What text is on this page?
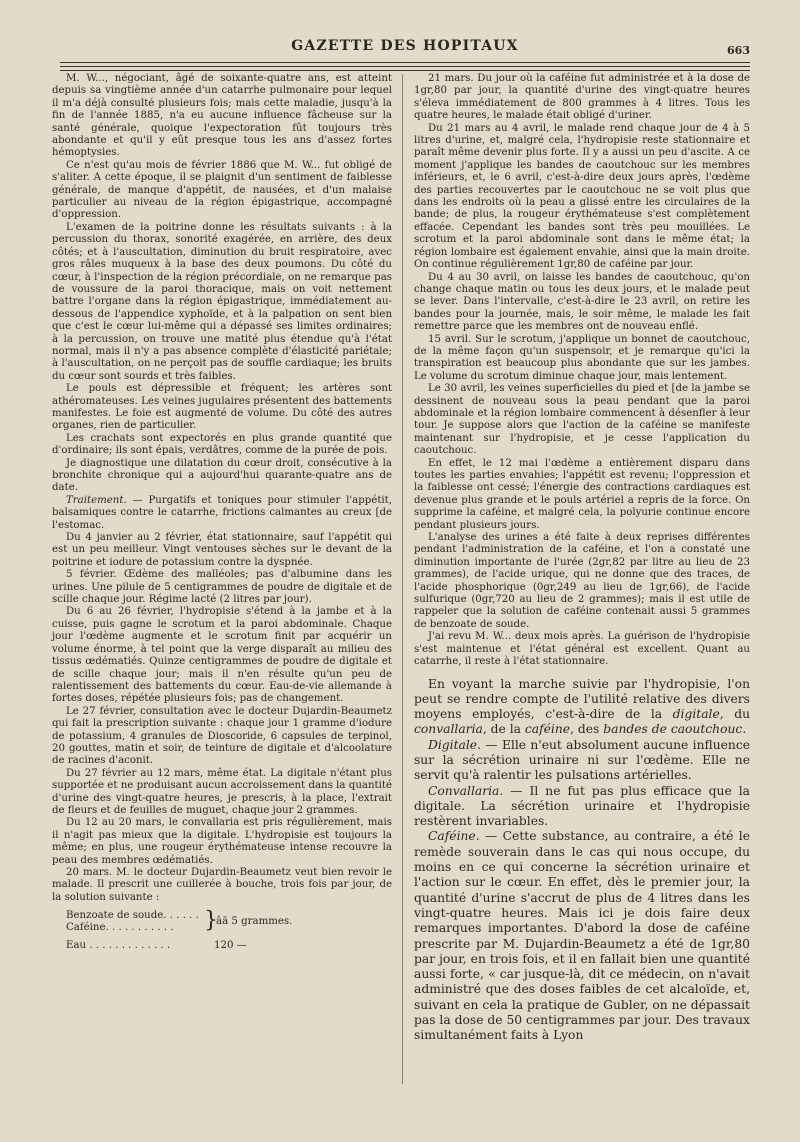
GAZETTE DES HOPITAUX	663

M. W..., négociant, âgé de soixante-quatre ans, est atteint depuis sa vingtième année d'un catarrhe pulmonaire pour lequel il m'a déjà consulté plusieurs fois; mais cette maladie, jusqu'à la fin de l'année 1885, n'a eu aucune influence fâcheuse sur la santé générale, quoique l'expectoration fût toujours très abondante et qu'il y eût presque tous les ans d'assez fortes hémoptysies.

Ce n'est qu'au mois de février 1886 que M. W... fut obligé de s'aliter. A cette époque, il se plaignit d'un sentiment de faiblesse générale, de manque d'appétit, de nausées, et d'un malaise particulier au niveau de la région épigastrique, accompagné d'oppression.

L'examen de la poitrine donne les résultats suivants : à la percussion du thorax, sonorité exagérée, en arrière, des deux côtés; et à l'auscultation, diminution du bruit respiratoire, avec gros râles muqueux à la base des deux poumons. Du côté du cœur, à l'inspection de la région précordiale, on ne remarque pas de voussure de la paroi thoracique, mais on voit nettement battre l'organe dans la région épigastrique, immédiatement au-dessous de l'appendice xyphoïde, et à la palpation on sent bien que c'est le cœur lui-même qui a dépassé ses limites ordinaires; à la percussion, on trouve une matité plus étendue qu'à l'état normal, mais il n'y a pas absence complète d'élasticité pariétale; à l'auscultation, on ne perçoit pas de souffle cardiaque; les bruits du cœur sont sourds et très faibles.

Le pouls est dépressible et fréquent; les artères sont athéromateuses. Les veines jugulaires présentent des battements manifestes. Le foie est augmenté de volume. Du côté des autres organes, rien de particulier.

Les crachats sont expectorés en plus grande quantité que d'ordinaire; ils sont épais, verdâtres, comme de la purée de pois.

Je diagnostique une dilatation du cœur droit, consécutive à la bronchite chronique qui a aujourd'hui quarante-quatre ans de date.

Traitement. — Purgatifs et toniques pour stimuler l'appétit, balsamiques contre le catarrhe, frictions calmantes au creux [de l'estomac.

Du 4 janvier au 2 février, état stationnaire, sauf l'appétit qui est un peu meilleur. Vingt ventouses sèches sur le devant de la poitrine et iodure de potassium contre la dyspnée.

5 février. Œdème des malléoles; pas d'albumine dans les urines. Une pilule de 5 centigrammes de poudre de digitale et de scille chaque jour. Régime lacté (2 litres par jour).

Du 6 au 26 février, l'hydropisie s'étend à la jambe et à la cuisse, puis gagne le scrotum et la paroi abdominale. Chaque jour l'œdème augmente et le scrotum finit par acquérir un volume énorme, à tel point que la verge disparaît au milieu des tissus œdématiés. Quinze centigrammes de poudre de digitale et de scille chaque jour; mais il n'en résulte qu'un peu de ralentissement des battements du cœur. Eau-de-vie allemande à fortes doses, répétée plusieurs fois; pas de changement.

Le 27 février, consultation avec le docteur Dujardin-Beaumetz qui fait la prescription suivante : chaque jour 1 gramme d'iodure de potassium, 4 granules de Dioscoride, 6 capsules de terpinol, 20 gouttes, matin et soir, de teinture de digitale et d'alcoolature de racines d'aconit.

Du 27 février au 12 mars, même état. La digitale n'étant plus supportée et ne produisant aucun accroissement dans la quantité d'urine des vingt-quatre heures, je prescris, à la place, l'extrait de fleurs et de feuilles de muguet, chaque jour 2 grammes.

Du 12 au 20 mars, le convallaria est pris régulièrement, mais il n'agit pas mieux que la digitale. L'hydropisie est toujours la même; en plus, une rougeur érythémateuse intense recouvre la peau des membres œdématiés.

20 mars. M. le docteur Dujardin-Beaumetz veut bien revoir le malade. Il prescrit une cuillerée à bouche, trois fois par jour, de la solution suivante :

Benzoate de soude. . . . . .
Caféine. . . . . . . . . . . }
âā 5 grammes.
Eau . . . . . . . . . . . . .	120 —

21 mars. Du jour où la caféine fut administrée et à la dose de 1gr,80 par jour, la quantité d'urine des vingt-quatre heures s'éleva immédiatement de 800 grammes à 4 litres. Tous les quatre heures, le malade était obligé d'uriner.

Du 21 mars au 4 avril, le malade rend chaque jour de 4 à 5 litres d'urine, et, malgré cela, l'hydropisie reste stationnaire et paraît même devenir plus forte. Il y a aussi un peu d'ascite. A ce moment j'applique les bandes de caoutchouc sur les membres inférieurs, et, le 6 avril, c'est-à-dire deux jours après, l'œdème des parties recouvertes par le caoutchouc ne se voit plus que dans les endroits où la peau a glissé entre les circulaires de la bande; de plus, la rougeur érythémateuse s'est complètement effacée. Cependant les bandes sont très peu mouillées. Le scrotum et la paroi abdominale sont dans le même état; la région lombaire est également envahie, ainsi que la main droite. On continue régulièrement 1gr,80 de caféine par jour.

Du 4 au 30 avril, on laisse les bandes de caoutchouc, qu'on change chaque matin ou tous les deux jours, et le malade peut se lever. Dans l'intervalle, c'est-à-dire le 23 avril, on retire les bandes pour la journée, mais, le soir même, le malade les fait remettre parce que les membres ont de nouveau enflé.

15 avril. Sur le scrotum, j'applique un bonnet de caoutchouc, de la même façon qu'un suspensoir, et je remarque qu'ici la transpiration est beaucoup plus abondante que sur les jambes. Le volume du scrotum diminue chaque jour, mais lentement.

Le 30 avril, les veines superficielles du pied et [de la jambe se dessinent de nouveau sous la peau pendant que la paroi abdominale et la région lombaire commencent à désenfler à leur tour. Je suppose alors que l'action de la caféine se manifeste maintenant sur l'hydropisie, et je cesse l'application du caoutchouc.

En effet, le 12 mai l'œdème a entièrement disparu dans toutes les parties envahies; l'appétit est revenu; l'oppression et la faiblesse ont cessé; l'énergie des contractions cardiaques est devenue plus grande et le pouls artériel a repris de la force. On supprime la caféine, et malgré cela, la polyurie continue encore pendant plusieurs jours.

L'analyse des urines a été faite à deux reprises différentes pendant l'administration de la caféine, et l'on a constaté une diminution importante de l'urée (2gr,82 par litre au lieu de 23 grammes), de l'acide urique, qui ne donne que des traces, de l'acide phosphorique (0gr,249 au lieu de 1gr,66), de l'acide sulfurique (0gr,720 au lieu de 2 grammes); mais il est utile de rappeler que la solution de caféine contenait aussi 5 grammes de benzoate de soude.

J'ai revu M. W... deux mois après. La guérison de l'hydropisie s'est maintenue et l'état général est excellent. Quant au catarrhe, il reste à l'état stationnaire.

En voyant la marche suivie par l'hydropisie, l'on peut se rendre compte de l'utilité relative des divers moyens employés, c'est-à-dire de la digitale, du convallaria, de la caféine, des bandes de caoutchouc.

Digitale. — Elle n'eut absolument aucune influence sur la sécrétion urinaire ni sur l'œdème. Elle ne servit qu'à ralentir les pulsations artérielles.

Convallaria. — Il ne fut pas plus efficace que la digitale. La sécrétion urinaire et l'hydropisie restèrent invariables.

Caféine. — Cette substance, au contraire, a été le remède souverain dans le cas qui nous occupe, du moins en ce qui concerne la sécrétion urinaire et l'action sur le cœur. En effet, dès le premier jour, la quantité d'urine s'accrut de plus de 4 litres dans les vingt-quatre heures. Mais ici je dois faire deux remarques importantes. D'abord la dose de caféine prescrite par M. Dujardin-Beaumetz a été de 1gr,80 par jour, en trois fois, et il en fallait bien une quantité aussi forte, « car jusque-là, dit ce médecin, on n'avait administré que des doses faibles de cet alcaloïde, et, suivant en cela la pratique de Gubler, on ne dépassait pas la dose de 50 centigrammes par jour. Des travaux simultanément faits à Lyon
